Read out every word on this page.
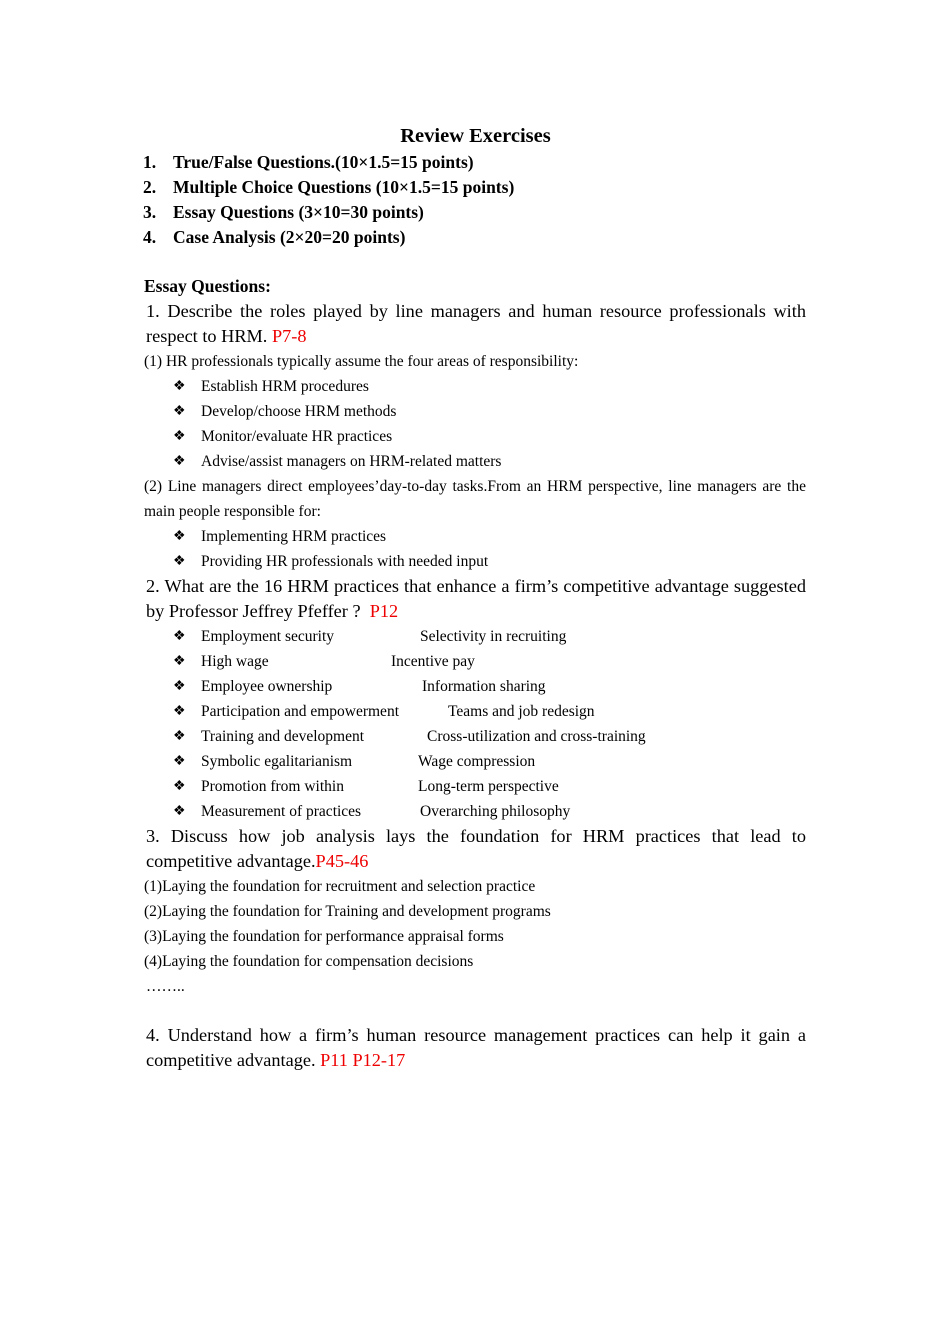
Review Exercises
1. True/False Questions.(10×1.5=15 points)
2. Multiple Choice Questions (10×1.5=15 points)
3. Essay Questions (3×10=30 points)
4. Case Analysis (2×20=20 points)
Essay Questions:
1. Describe the roles played by line managers and human resource professionals with respect to HRM. P7-8
(1) HR professionals typically assume the four areas of responsibility:
❖ Establish HRM procedures
❖ Develop/choose HRM methods
❖ Monitor/evaluate HR practices
❖ Advise/assist managers on HRM-related matters
(2) Line managers direct employees’day-to-day tasks.From an HRM perspective, line managers are the main people responsible for:
❖ Implementing HRM practices
❖ Providing HR professionals with needed input
2. What are the 16 HRM practices that enhance a firm’s competitive advantage suggested by Professor Jeffrey Pfeffer ? P12
❖ Employment security	Selectivity in recruiting
❖ High wage	Incentive pay
❖ Employee ownership	Information sharing
❖ Participation and empowerment	Teams and job redesign
❖ Training and development	Cross-utilization and cross-training
❖ Symbolic egalitarianism	Wage compression
❖ Promotion from within	Long-term perspective
❖ Measurement of practices	Overarching philosophy
3. Discuss how job analysis lays the foundation for HRM practices that lead to competitive advantage.P45-46
(1)Laying the foundation for recruitment and selection practice
(2)Laying the foundation for Training and development programs
(3)Laying the foundation for performance appraisal forms
(4)Laying the foundation for compensation decisions
……..
4. Understand how a firm’s human resource management practices can help it gain a competitive advantage. P11 P12-17
